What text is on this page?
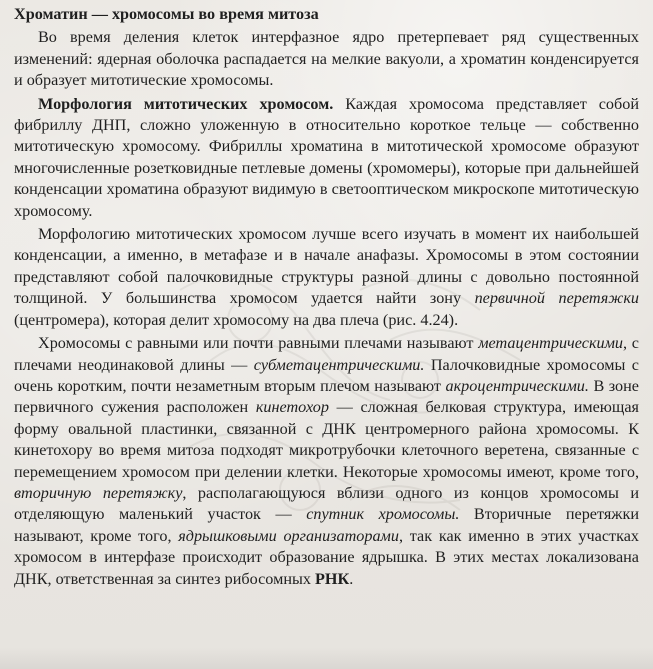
Хроматин — хромосомы во время митоза

Во время деления клеток интерфазное ядро претерпевает ряд существенных изменений: ядерная оболочка распадается на мелкие вакуоли, а хроматин конденсируется и образует митотические хромосомы.

Морфология митотических хромосом. Каждая хромосома представляет собой фибриллу ДНП, сложно уложенную в относительно короткое тельце — собственно митотическую хромосому. Фибриллы хроматина в митотической хромосоме образуют многочисленные розетковидные петлевые домены (хромомеры), которые при дальнейшей конденсации хроматина образуют видимую в светооптическом микроскопе митотическую хромосому.

Морфологию митотических хромосом лучше всего изучать в момент их наибольшей конденсации, а именно, в метафазе и в начале анафазы. Хромосомы в этом состоянии представляют собой палочковидные структуры разной длины с довольно постоянной толщиной. У большинства хромосом удается найти зону первичной перетяжки (центромера), которая делит хромосому на два плеча (рис. 4.24).

Хромосомы с равными или почти равными плечами называют метацентрическими, с плечами неодинаковой длины — субметацентрическими. Палочковидные хромосомы с очень коротким, почти незаметным вторым плечом называют акроцентрическими. В зоне первичного сужения расположен кинетохор — сложная белковая структура, имеющая форму овальной пластинки, связанной с ДНК центромерного района хромосомы. К кинетохору во время митоза подходят микротрубочки клеточного веретена, связанные с перемещением хромосом при делении клетки. Некоторые хромосомы имеют, кроме того, вторичную перетяжку, располагающуюся вблизи одного из концов хромосомы и отделяющую маленький участок — спутник хромосомы. Вторичные перетяжки называют, кроме того, ядрышковыми организаторами, так как именно в этих участках хромосом в интерфазе происходит образование ядрышка. В этих местах локализована ДНК, ответственная за синтез рибосомных РНК.
